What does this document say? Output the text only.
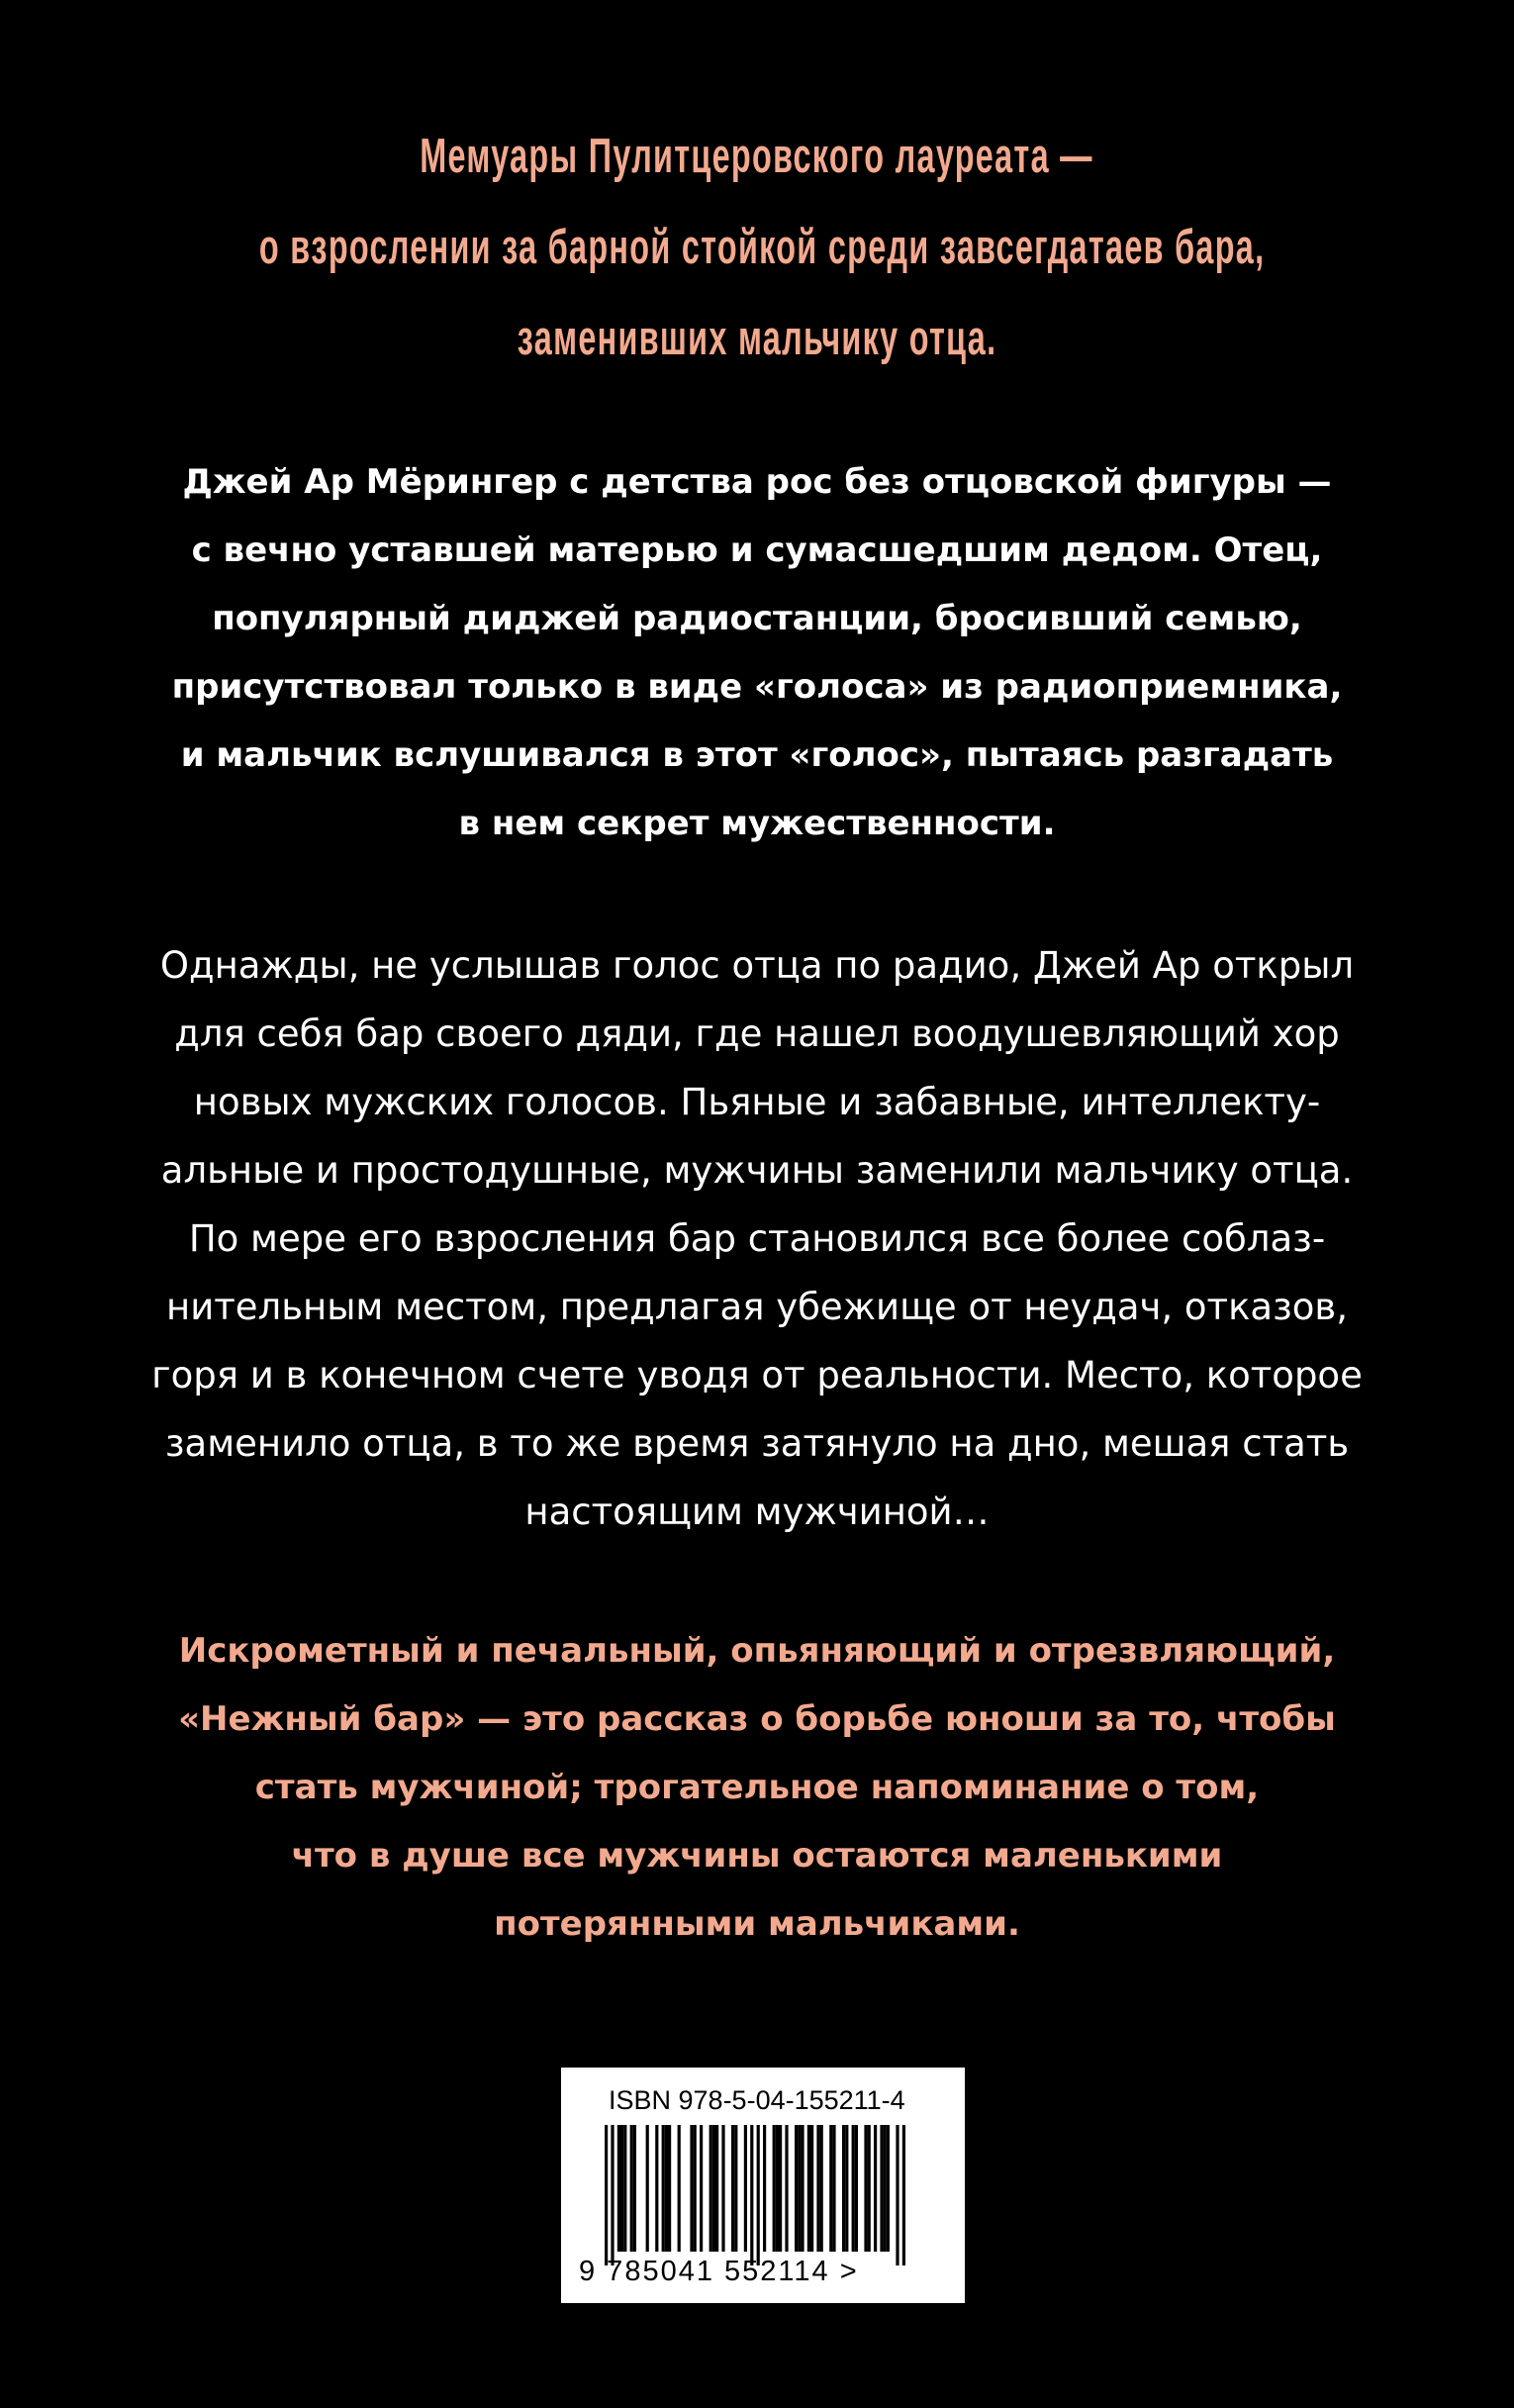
Мемуары Пулитцеровского лауреата —
о взрослении за барной стойкой среди завсегдатаев бара,
заменивших мальчику отца.
Джей Ар Мёрингер с детства рос без отцовской фигуры —
с вечно уставшей матерью и сумасшедшим дедом. Отец,
популярный диджей радиостанции, бросивший семью,
присутствовал только в виде «голоса» из радиоприемника,
и мальчик вслушивался в этот «голос», пытаясь разгадать
в нем секрет мужественности.
Однажды, не услышав голос отца по радио, Джей Ар открыл
для себя бар своего дяди, где нашел воодушевляющий хор
новых мужских голосов. Пьяные и забавные, интеллекту-
альные и простодушные, мужчины заменили мальчику отца.
По мере его взросления бар становился все более соблаз-
нительным местом, предлагая убежище от неудач, отказов,
горя и в конечном счете уводя от реальности. Место, которое
заменило отца, в то же время затянуло на дно, мешая стать
настоящим мужчиной…
Искрометный и печальный, опьяняющий и отрезвляющий,
«Нежный бар» — это рассказ о борьбе юноши за то, чтобы
стать мужчиной; трогательное напоминание о том,
что в душе все мужчины остаются маленькими
потерянными мальчиками.
ISBN 978-5-04-155211-4
9 785041 552114 >
